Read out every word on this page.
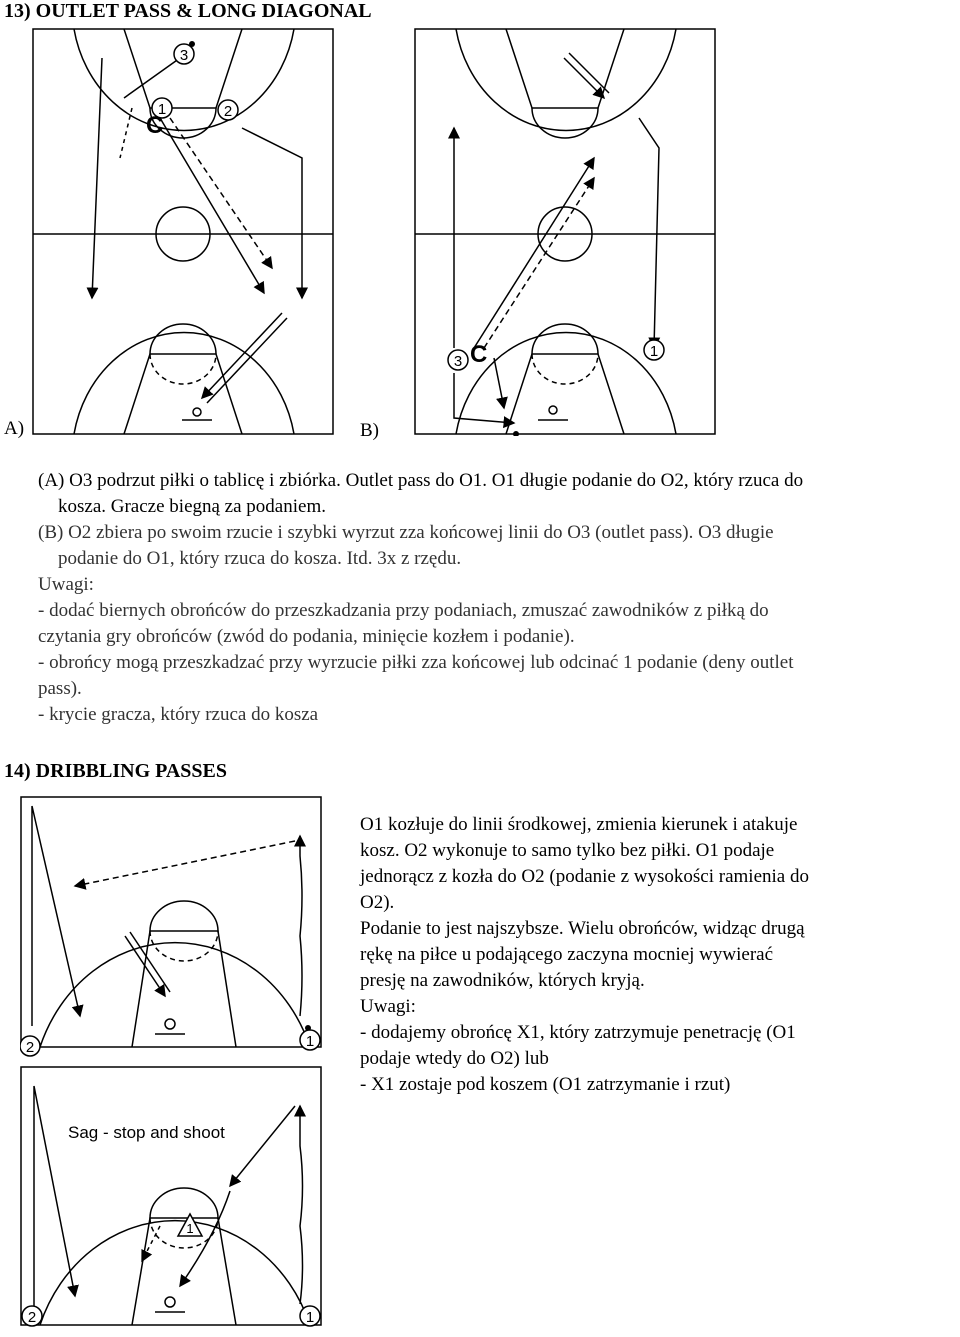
13) OUTLET PASS & LONG DIAGONAL
3
1	2
C
A)
3 C	1
B)
(A) O3 podrzut piłki o tablicę i zbiórka. Outlet pass do O1. O1 długie podanie do O2, który rzuca do
kosza. Gracze biegną za podaniem.
(B) O2 zbiera po swoim rzucie i szybki wyrzut zza końcowej linii do O3 (outlet pass). O3 długie
podanie do O1, który rzuca do kosza. Itd. 3x z rzędu.
Uwagi:
- dodać biernych obrońców do przeszkadzania przy podaniach, zmuszać zawodników z piłką do
czytania gry obrońców (zwód do podania, minięcie kozłem i podanie).
- obrońcy mogą przeszkadzać przy wyrzucie piłki zza końcowej lub odcinać 1 podanie (deny outlet
pass).
- krycie gracza, który rzuca do kosza
14) DRIBBLING PASSES
2	1
Sag - stop and shoot
1
2	1
O1 kozłuje do linii środkowej, zmienia kierunek i atakuje
kosz. O2 wykonuje to samo tylko bez piłki. O1 podaje
jednorącz z kozła do O2 (podanie z wysokości ramienia do
O2).
Podanie to jest najszybsze. Wielu obrońców, widząc drugą
rękę na piłce u podającego zaczyna mocniej wywierać
presję na zawodników, których kryją.
Uwagi:
- dodajemy obrońcę X1, który zatrzymuje penetrację (O1
podaje wtedy do O2) lub
- X1 zostaje pod koszem (O1 zatrzymanie i rzut)
